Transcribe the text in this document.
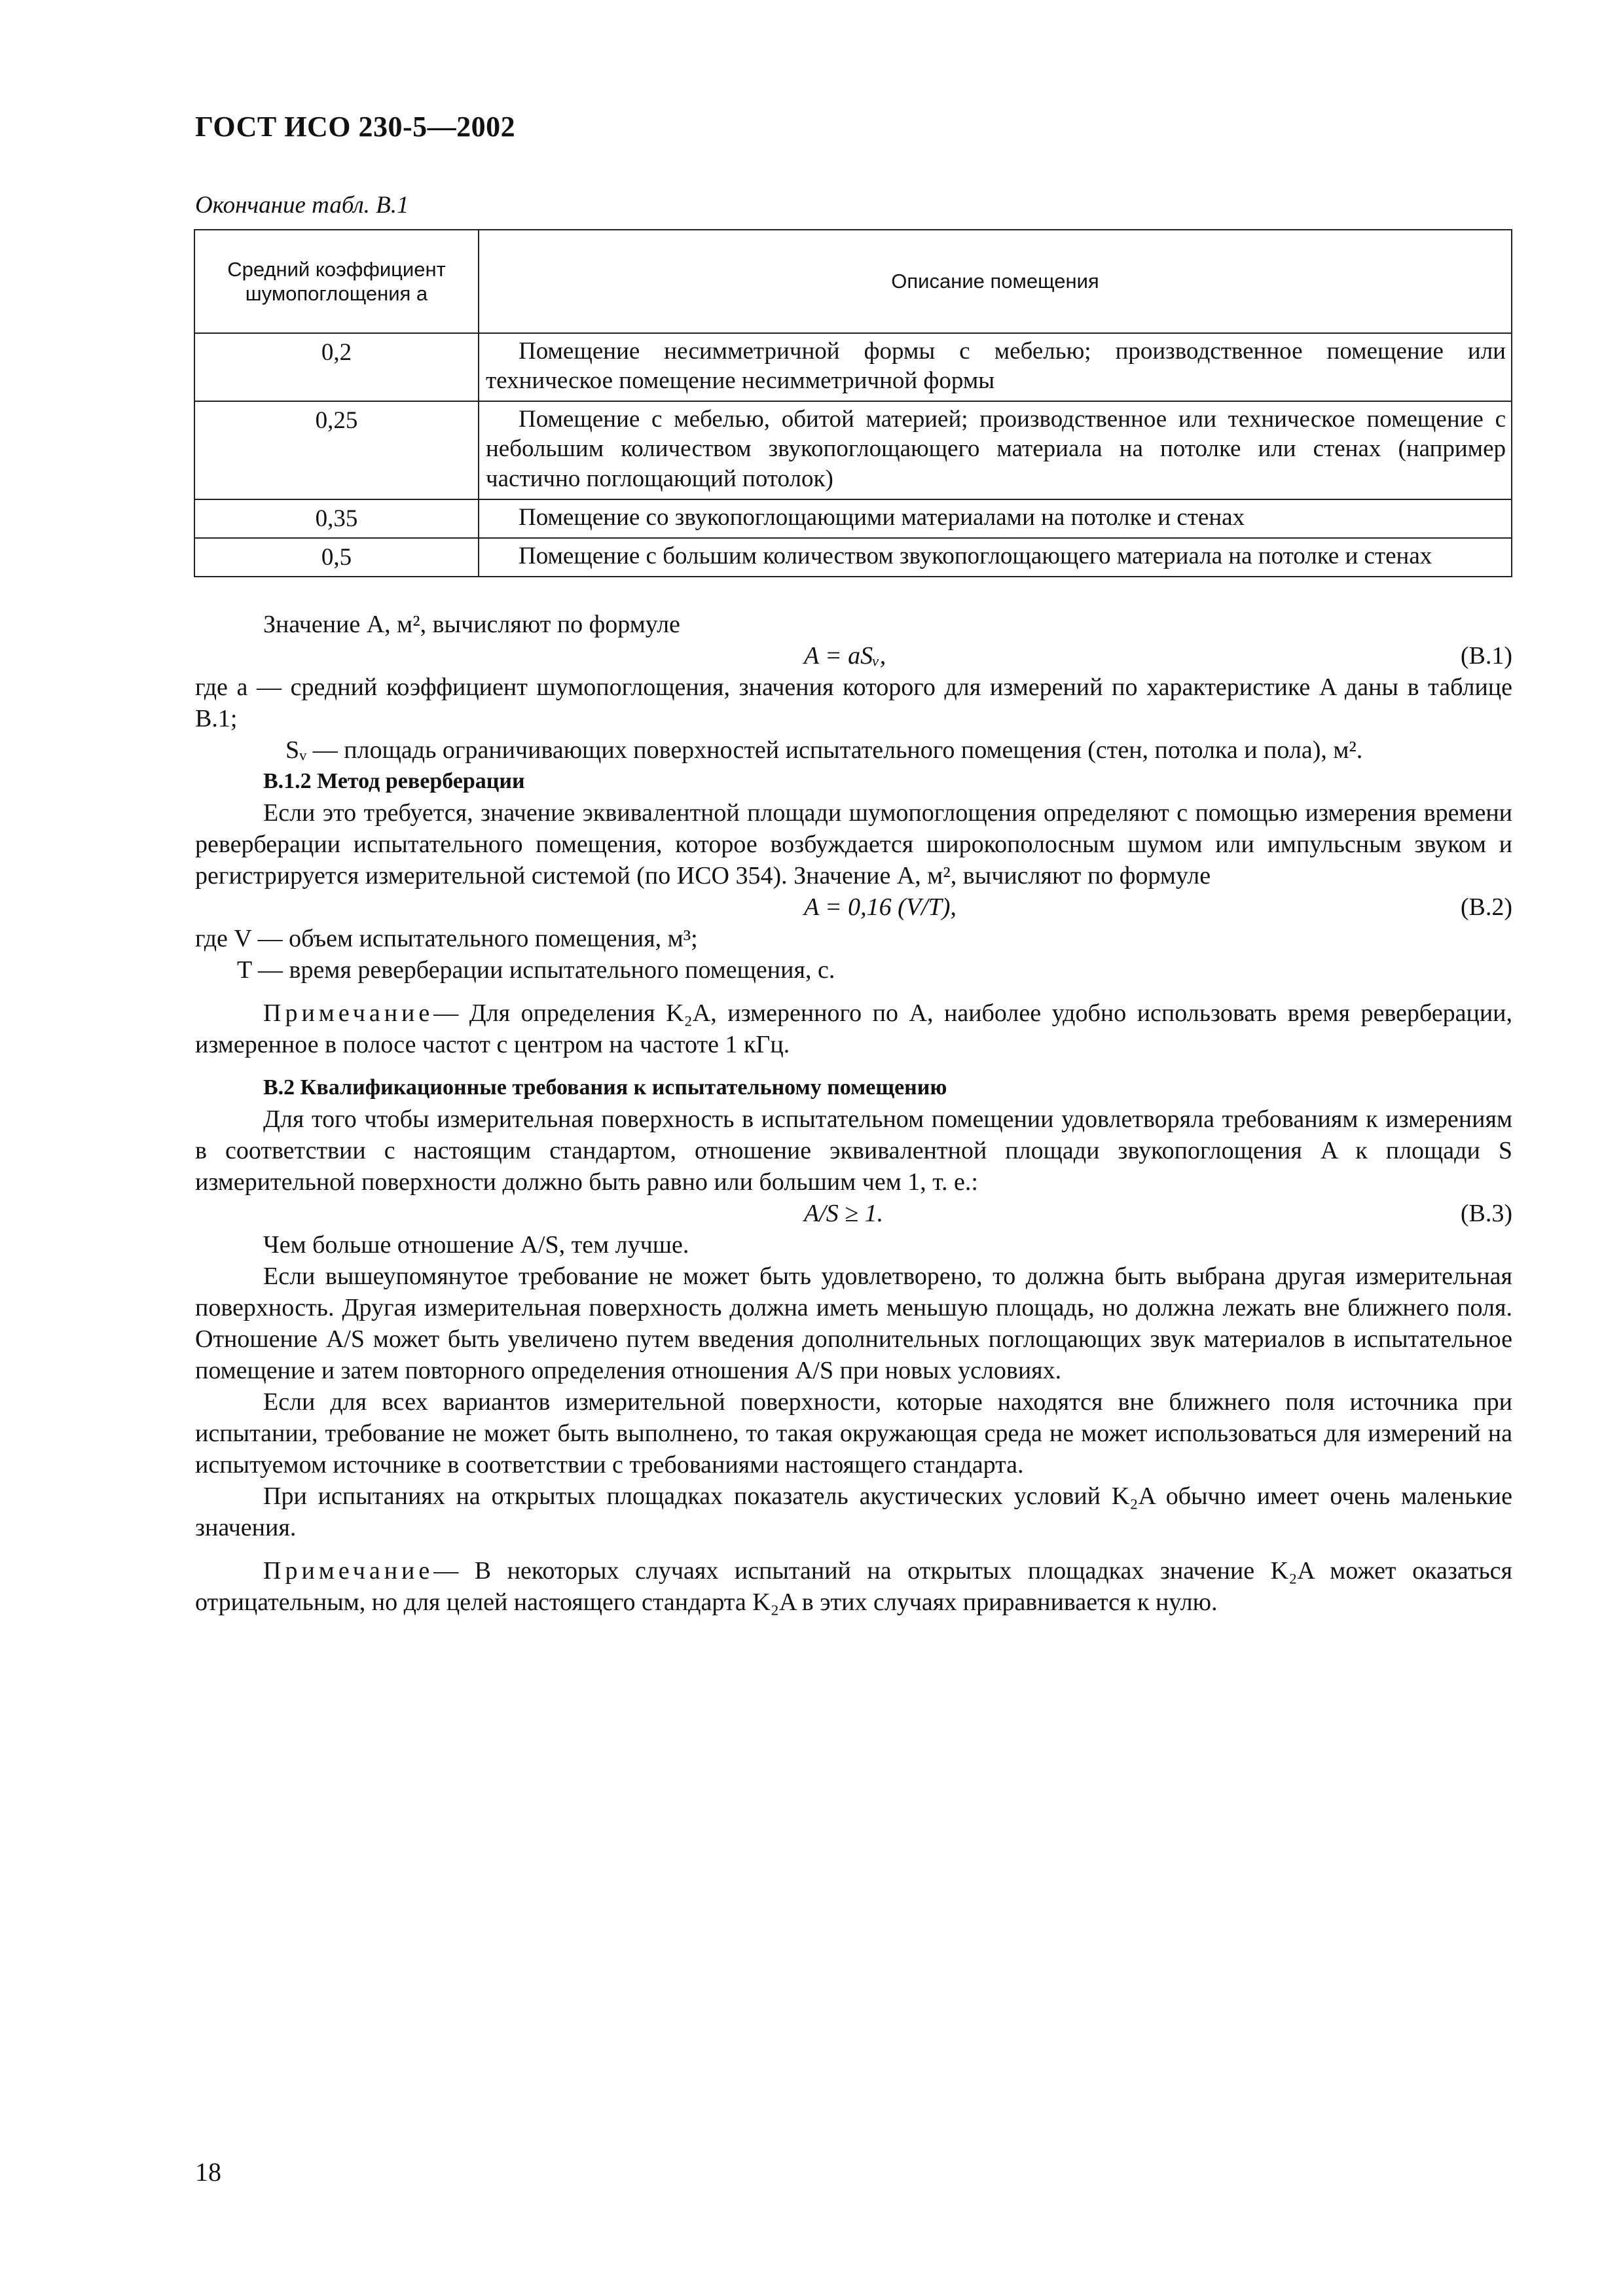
ГОСТ ИСО 230-5—2002
Окончание табл. В.1
Средний коэффициент
шумопоглощения a	Описание помещения
0,2	Помещение несимметричной формы с мебелью; производственное помещение или техническое помещение несимметричной формы
0,25	Помещение с мебелью, обитой материей; производственное или техническое помещение с небольшим количеством звукопоглощающего материала на потолке или стенах (например частично поглощающий потолок)
0,35	Помещение со звукопоглощающими материалами на потолке и стенах
0,5	Помещение с большим количеством звукопоглощающего материала на потолке и стенах

Значение A, м², вычисляют по формуле

A = aSᵥ,	(В.1)

где a — средний коэффициент шумопоглощения, значения которого для измерений по характеристике A даны в таблице В.1;

Sᵥ — площадь ограничивающих поверхностей испытательного помещения (стен, потолка и пола), м².

В.1.2 Метод реверберации

Если это требуется, значение эквивалентной площади шумопоглощения определяют с помощью измерения времени реверберации испытательного помещения, которое возбуждается широкополосным шумом или импульсным звуком и регистрируется измерительной системой (по ИСО 354). Значение A, м², вычисляют по формуле

A = 0,16 (V/T),	(В.2)

где V — объем испытательного помещения, м³;

T — время реверберации испытательного помещения, с.

Примечание— Для определения K₂A, измеренного по A, наиболее удобно использовать время реверберации, измеренное в полосе частот с центром на частоте 1 кГц.

В.2 Квалификационные требования к испытательному помещению

Для того чтобы измерительная поверхность в испытательном помещении удовлетворяла требованиям к измерениям в соответствии с настоящим стандартом, отношение эквивалентной площади звукопоглощения A к площади S измерительной поверхности должно быть равно или большим чем 1, т. е.:

A/S ≥ 1.	(В.3)

Чем больше отношение A/S, тем лучше.

Если вышеупомянутое требование не может быть удовлетворено, то должна быть выбрана другая измерительная поверхность. Другая измерительная поверхность должна иметь меньшую площадь, но должна лежать вне ближнего поля. Отношение A/S может быть увеличено путем введения дополнительных поглощающих звук материалов в испытательное помещение и затем повторного определения отношения A/S при новых условиях.

Если для всех вариантов измерительной поверхности, которые находятся вне ближнего поля источника при испытании, требование не может быть выполнено, то такая окружающая среда не может использоваться для измерений на испытуемом источнике в соответствии с требованиями настоящего стандарта.

При испытаниях на открытых площадках показатель акустических условий K₂A обычно имеет очень маленькие значения.

Примечание— В некоторых случаях испытаний на открытых площадках значение K₂A может оказаться отрицательным, но для целей настоящего стандарта K₂A в этих случаях приравнивается к нулю.

18
